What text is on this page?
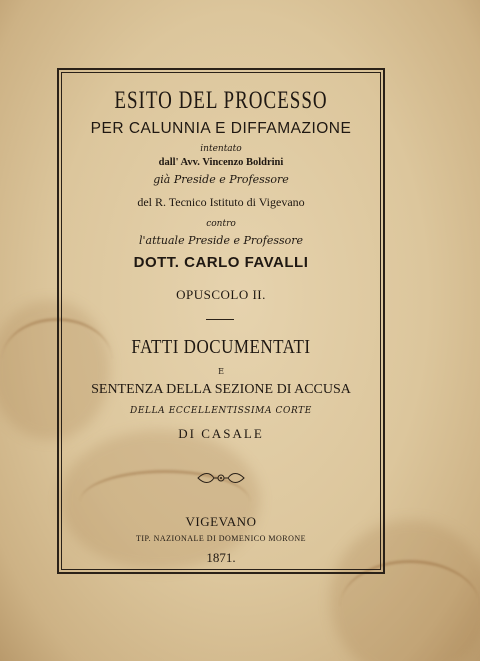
ESITO DEL PROCESSO
PER CALUNNIA E DIFFAMAZIONE
intentato
dall' Avv. Vincenzo Boldrini
già Preside e Professore
del R. Tecnico Istituto di Vigevano
contro
l'attuale Preside e Professore
DOTT. CARLO FAVALLI
OPUSCOLO II.
FATTI DOCUMENTATI
E
SENTENZA DELLA SEZIONE DI ACCUSA
DELLA ECCELLENTISSIMA CORTE
DI CASALE
VIGEVANO
TIP. NAZIONALE DI DOMENICO MORONE
1871.
